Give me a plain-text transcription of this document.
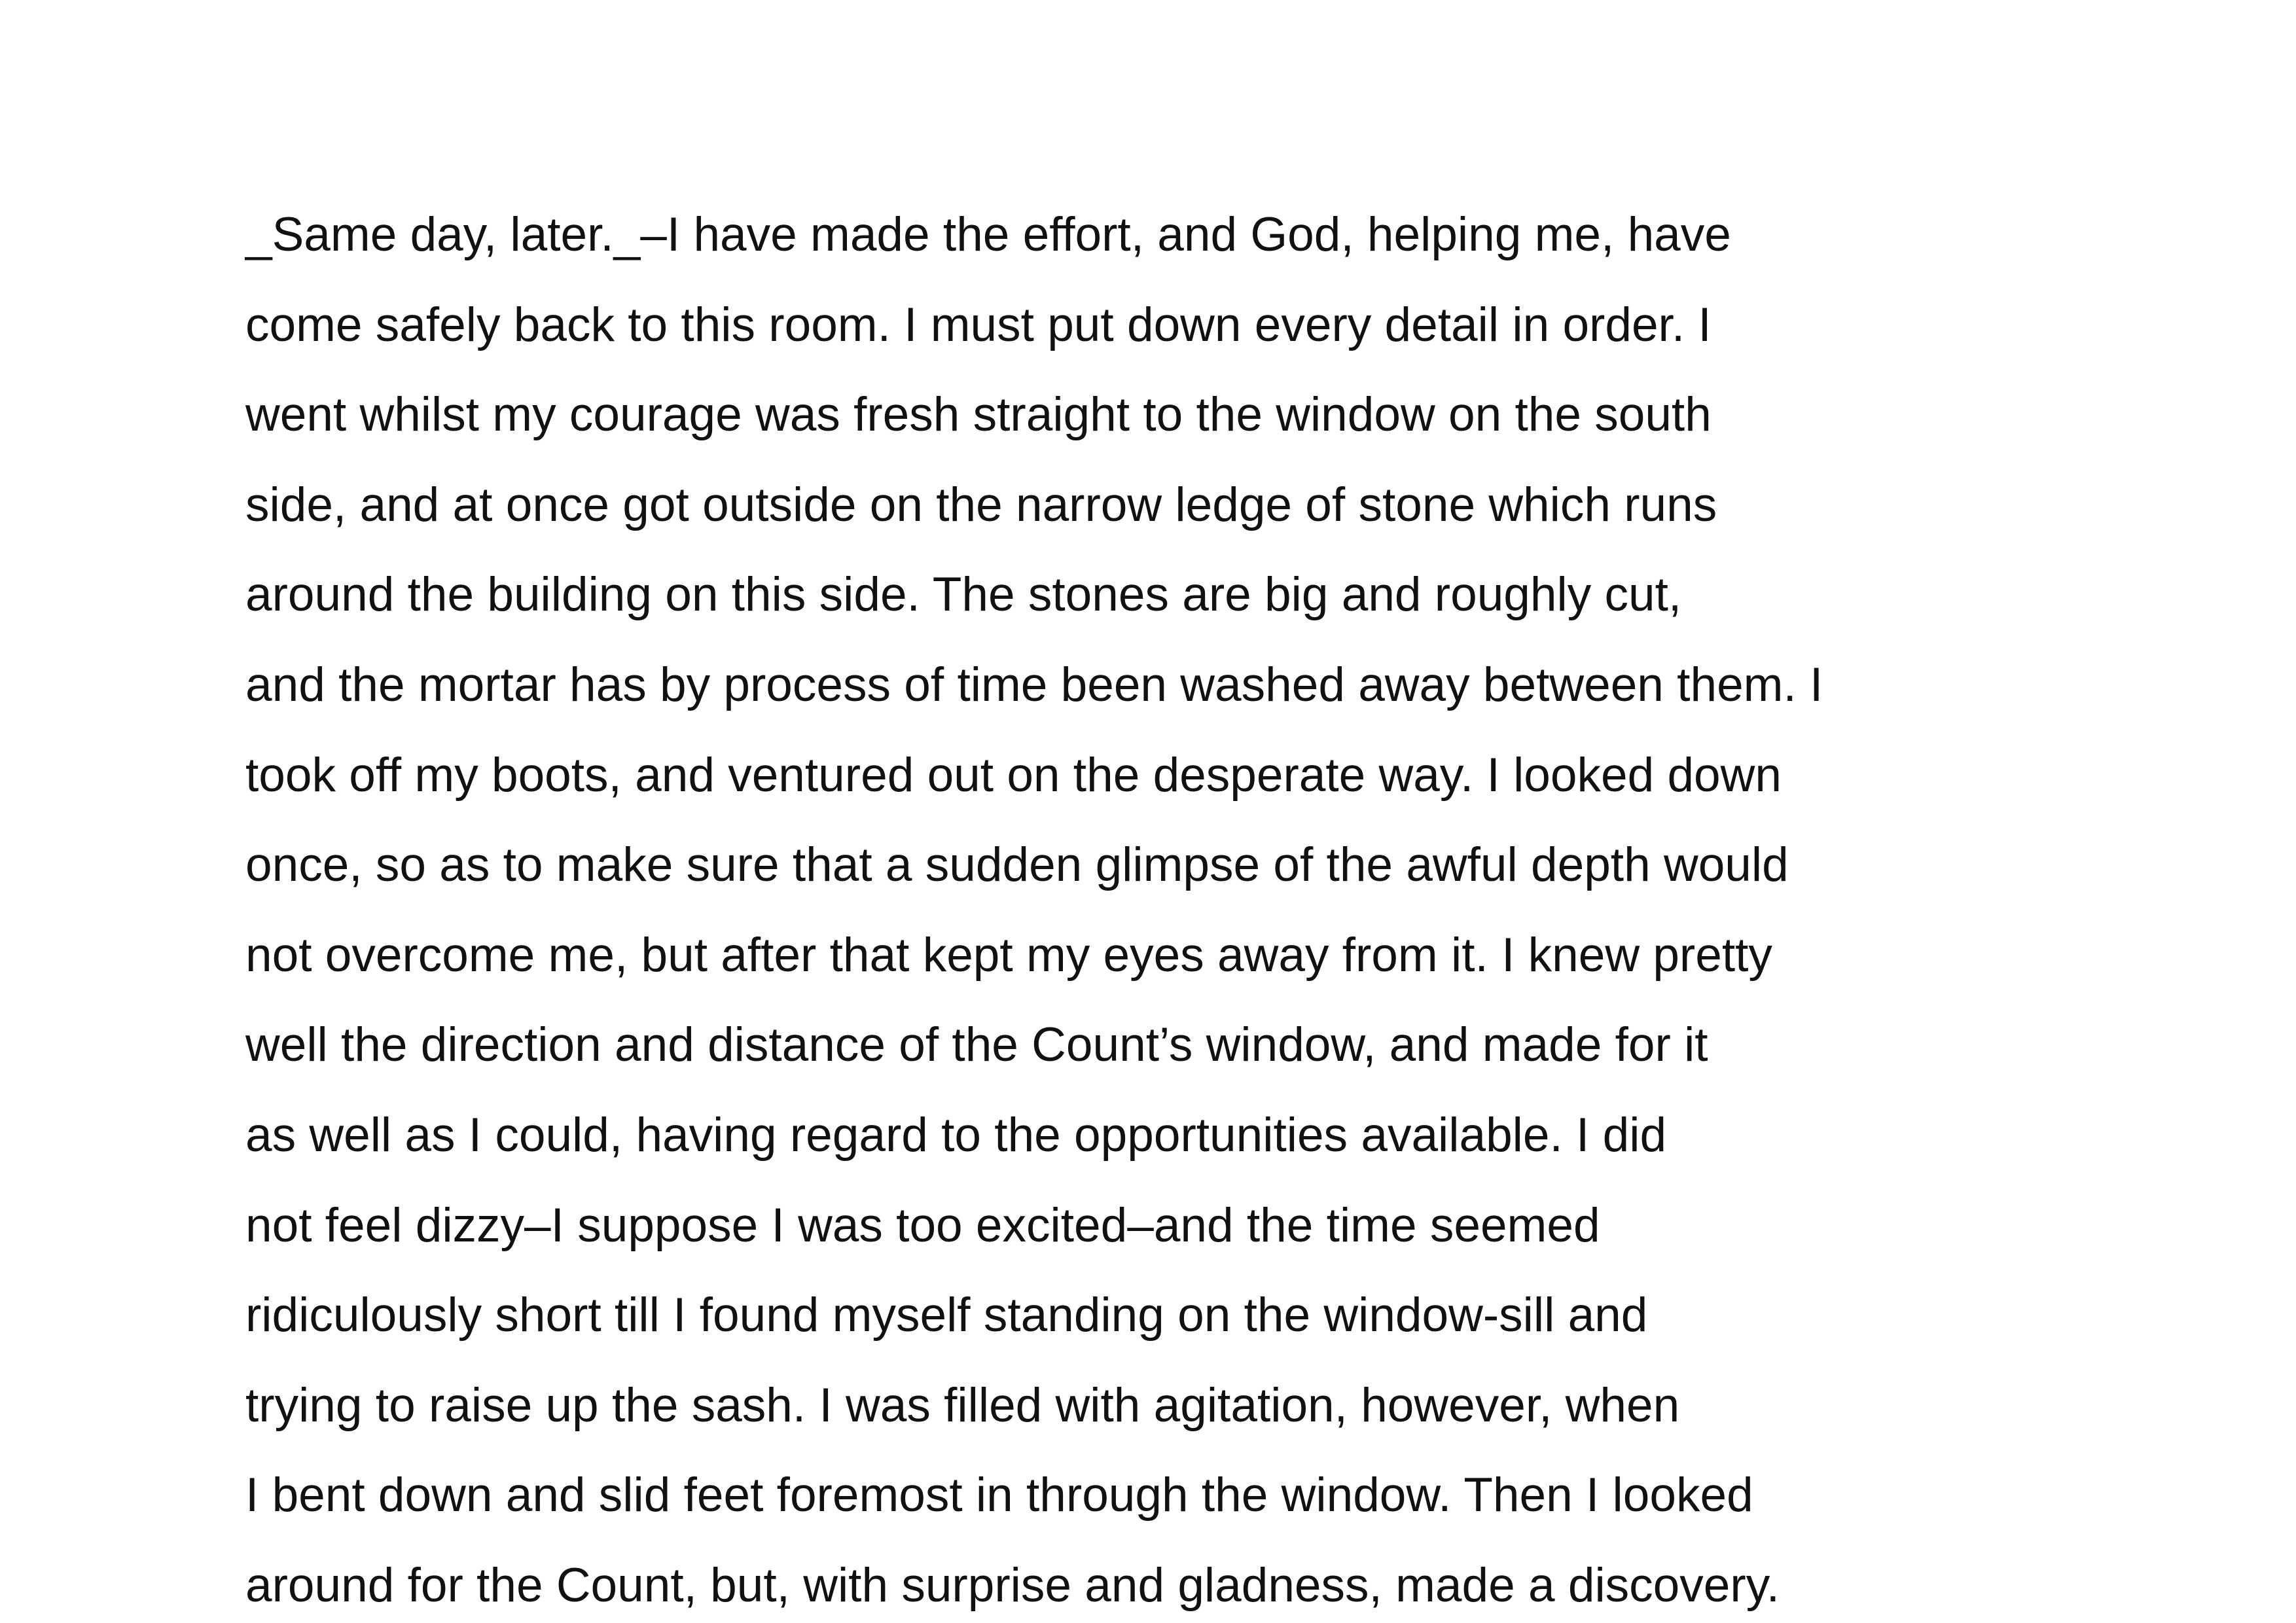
_Same day, later._–I have made the effort, and God, helping me, have
come safely back to this room. I must put down every detail in order. I
went whilst my courage was fresh straight to the window on the south
side, and at once got outside on the narrow ledge of stone which runs
around the building on this side. The stones are big and roughly cut,
and the mortar has by process of time been washed away between them. I
took off my boots, and ventured out on the desperate way. I looked down
once, so as to make sure that a sudden glimpse of the awful depth would
not overcome me, but after that kept my eyes away from it. I knew pretty
well the direction and distance of the Count’s window, and made for it
as well as I could, having regard to the opportunities available. I did
not feel dizzy–I suppose I was too excited–and the time seemed
ridiculously short till I found myself standing on the window-sill and
trying to raise up the sash. I was filled with agitation, however, when
I bent down and slid feet foremost in through the window. Then I looked
around for the Count, but, with surprise and gladness, made a discovery.
